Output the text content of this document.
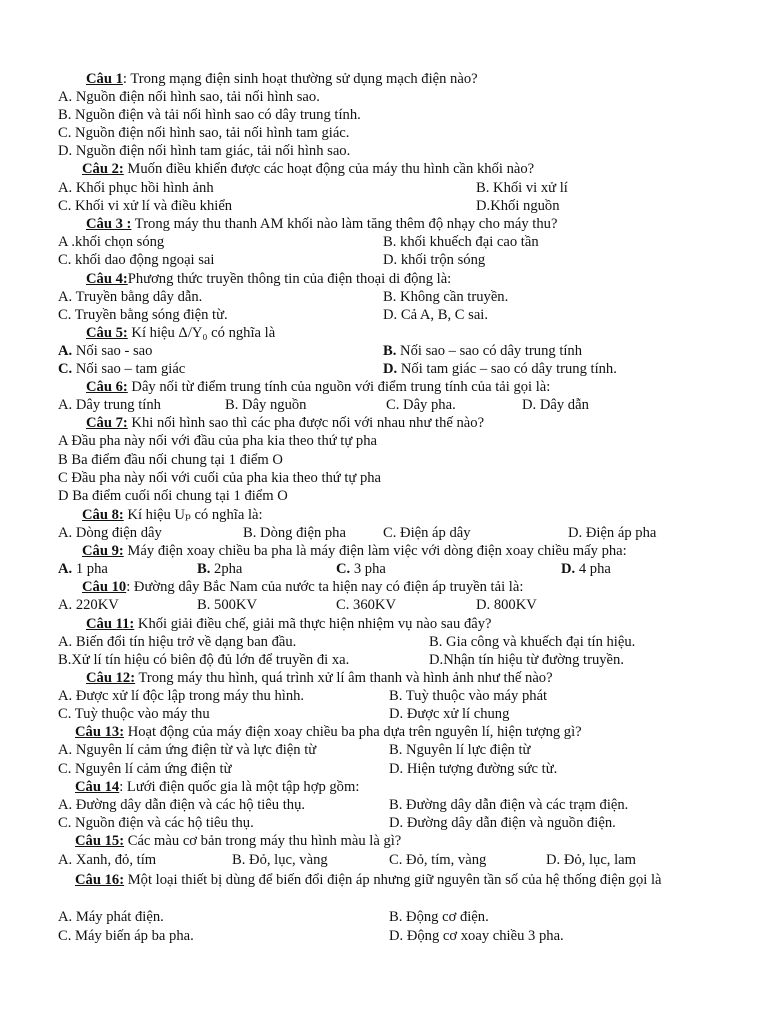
Câu 1: Trong mạng điện sinh hoạt thường sử dụng mạch điện nào?
A. Nguồn điện nối hình sao, tải nối hình sao.
B. Nguồn điện và tải nối hình sao có dây trung tính.
C. Nguồn điện nối hình sao, tải nối hình tam giác.
D. Nguồn điện nối hình tam giác, tải nối hình sao.
Câu 2: Muốn điều khiển được các hoạt động của máy thu hình cần khối nào?
A. Khối phục hồi hình ảnh	B. Khối vi xử lí
C. Khối vi xử lí và điều khiển	D.Khối nguồn
Câu 3 : Trong máy thu thanh AM khối nào làm tăng thêm độ nhạy cho máy thu?
A .khối chọn sóng	B. khối khuếch đại cao tần
C. khối dao động ngoại sai	D. khối trộn sóng
Câu 4:Phương thức truyền thông tin của điện thoại di động là:
A. Truyền bằng dây dẫn.	B. Không cần truyền.
C. Truyền bằng sóng điện từ.	D. Cả A, B, C sai.
Câu 5: Kí hiệu Δ/Y₀ có nghĩa là
A. Nối sao - sao	B. Nối sao – sao có dây trung tính
C. Nối sao – tam giác	D. Nối tam giác – sao có dây trung tính.
Câu 6: Dây nối từ điểm trung tính của nguồn với điểm trung tính của tải gọi là:
A. Dây trung tính	B. Dây nguồn	C. Dây pha.	D. Dây dẫn
Câu 7: Khi nối hình sao thì các pha được nối với nhau như thế nào?
A Đầu pha này nối với đầu của pha kia theo thứ tự pha
B Ba điểm đầu nối chung tại 1 điểm O
C Đầu pha này nối với cuối của pha kia theo thứ tự pha
D Ba điểm cuối nối chung tại 1 điểm O
Câu 8: Kí hiệu Uₚ có nghĩa là:
A. Dòng điện dây	B. Dòng điện pha	C. Điện áp dây	D. Điện áp pha
Câu 9: Máy điện xoay chiều ba pha là máy điện làm việc với dòng điện xoay chiều mấy pha:
A. 1 pha	B. 2pha	C. 3 pha	D. 4 pha
Câu 10: Đường dây Bắc Nam của nước ta hiện nay có điện áp truyền tải là:
A. 220KV	B. 500KV	C. 360KV	D. 800KV
Câu 11: Khối giải điều chế, giải mã thực hiện nhiệm vụ nào sau đây?
A. Biến đổi tín hiệu trở về dạng ban đầu.	B. Gia công và khuếch đại tín hiệu.
B.Xử lí tín hiệu có biên độ đủ lớn để truyền đi xa.	D.Nhận tín hiệu từ đường truyền.
Câu 12: Trong máy thu hình, quá trình xử lí âm thanh và hình ảnh như thế nào?
A. Được xử lí độc lập trong máy thu hình.	B. Tuỳ thuộc vào máy phát
C. Tuỳ thuộc vào máy thu	D. Được xử lí chung
Câu 13: Hoạt động của máy điện xoay chiều ba pha dựa trên nguyên lí, hiện tượng gì?
A. Nguyên lí cảm ứng điện từ và lực điện từ	B. Nguyên lí lực điện từ
C. Nguyên lí cảm ứng điện từ	D. Hiện tượng đường sức từ.
Câu 14: Lưới điện quốc gia là một tập hợp gồm:
A. Đường dây dẫn điện và các hộ tiêu thụ.	B. Đường dây dẫn điện và các trạm điện.
C. Nguồn điện và các hộ tiêu thụ.	D. Đường dây dẫn điện và nguồn điện.
Câu 15: Các màu cơ bản trong máy thu hình màu là gì?
A. Xanh, đỏ, tím	B. Đỏ, lục, vàng	C. Đỏ, tím, vàng	D. Đỏ, lục, lam
Câu 16: Một loại thiết bị dùng để biến đổi điện áp nhưng giữ nguyên tần số của hệ thống điện gọi là
A. Máy phát điện.	B. Động cơ điện.
C. Máy biến áp ba pha.	D. Động cơ xoay chiều 3 pha.
